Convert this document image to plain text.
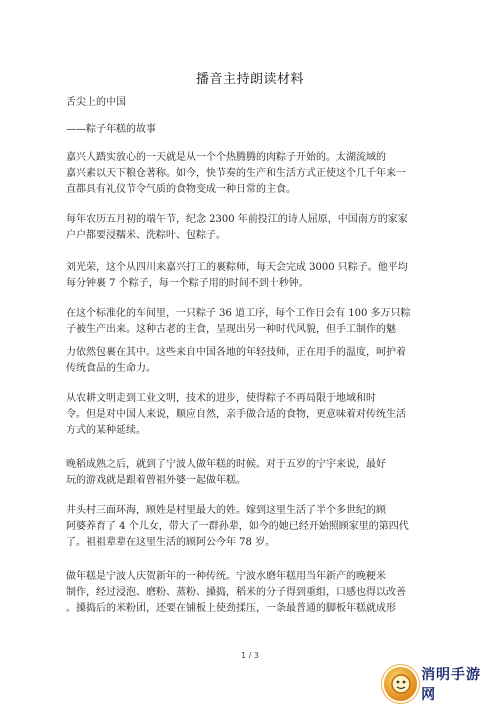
播音主持朗读材料
舌尖上的中国
——粽子年糕的故事
嘉兴人踏实放心的一天就是从一个个热腾腾的肉粽子开始的。太湖流域的
嘉兴素以天下粮仓著称。如今，快节奏的生产和生活方式正使这个几千年来一
直都具有礼仪节令气质的食物变成一种日常的主食。
每年农历五月初的端午节，纪念 2300 年前投江的诗人屈原，中国南方的家家
户户都要浸糯米、洗粽叶、包粽子。
刘光荣，这个从四川来嘉兴打工的裹粽师，每天会完成 3000 只粽子。他平均
每分钟裹 7 个粽子，每一个粽子用的时间不到十秒钟。
在这个标准化的车间里，一只粽子 36 道工序，每个工作日会有 100 多万只粽
子被生产出来。这种古老的主食，呈现出另一种时代风貌，但手工制作的魅
力依然包裹在其中。这些来自中国各地的年轻技师，正在用手的温度，呵护着
传统食品的生命力。
从农耕文明走到工业文明，技术的进步，使得粽子不再局限于地域和时
令。但是对中国人来说，顺应自然，亲手做合适的食物，更意味着对传统生活
方式的某种延续。
晚稻成熟之后，就到了宁波人做年糕的时候。对于五岁的宁宇来说，最好
玩的游戏就是跟着曾祖外婆一起做年糕。
井头村三面环海，顾姓是村里最大的姓。嫁到这里生活了半个多世纪的顾
阿婆养育了 4 个儿女，带大了一群孙辈，如今的她已经开始照顾家里的第四代
了。祖祖辈辈在这里生活的顾阿公今年 78 岁。
做年糕是宁波人庆贺新年的一种传统。宁波水磨年糕用当年新产的晚粳米
制作，经过浸泡、磨粉、蒸粉、搡捣，稻米的分子得到重组，口感也得以改善
。搡捣后的米粉团，还要在铺板上使劲揉压，一条最普通的脚板年糕就成形
1 / 3
消明手游网
